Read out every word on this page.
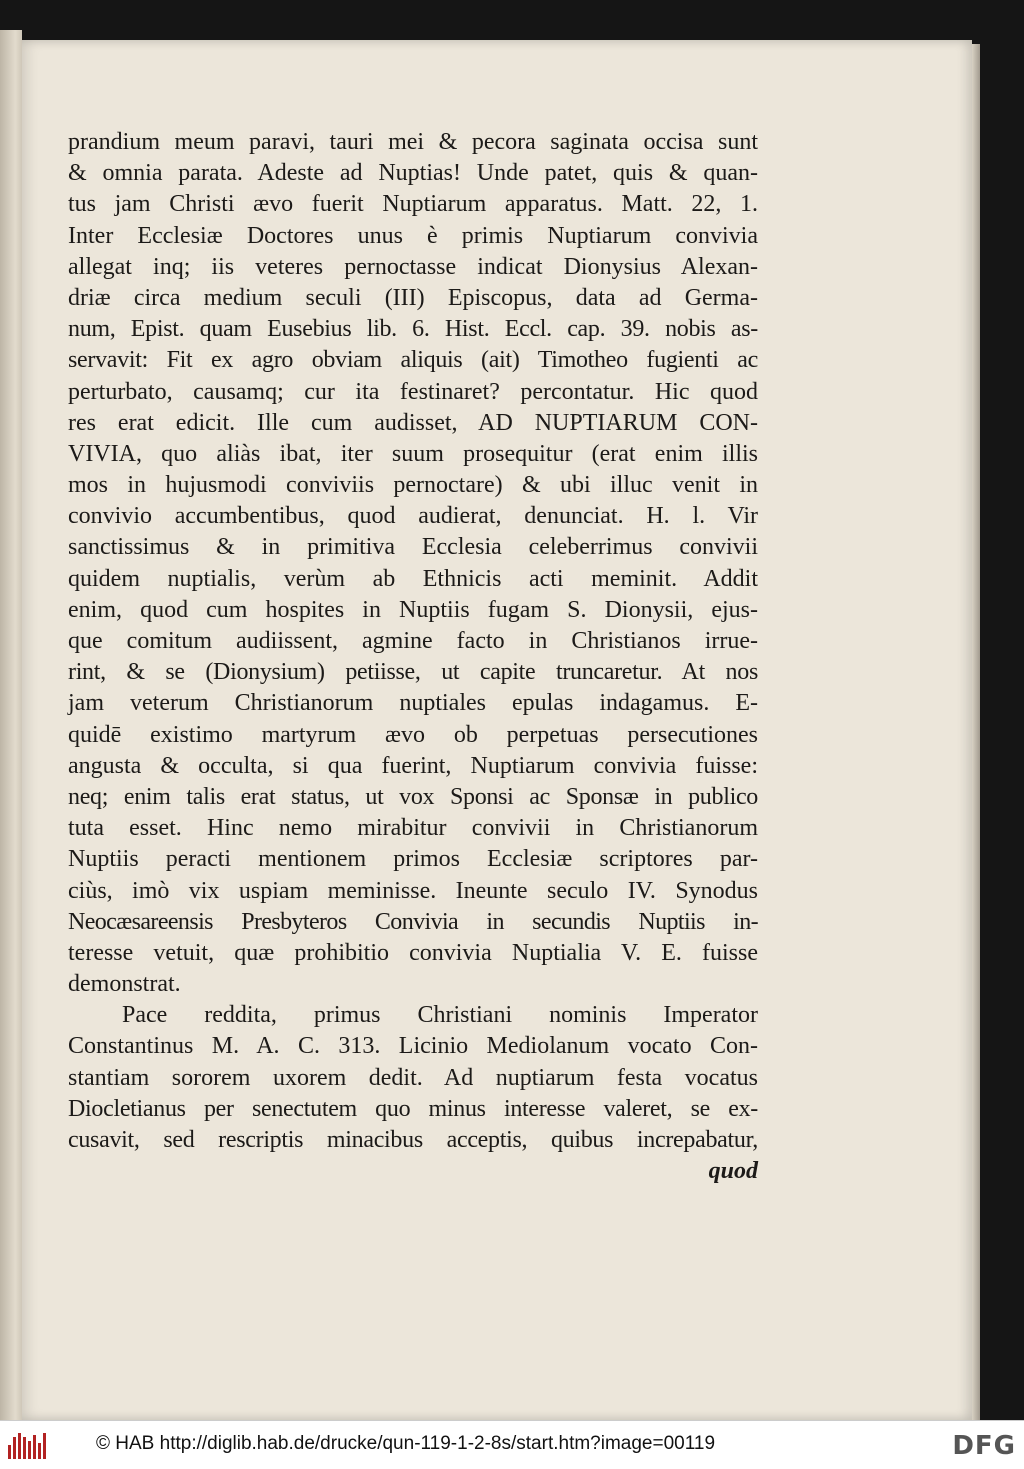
prandium meum paravi, tauri mei & pecora saginata occisa sunt
& omnia parata. Adeste ad Nuptias! Unde patet, quis & quan-
tus jam Christi ævo fuerit Nuptiarum apparatus. Matt. 22, 1.
Inter Ecclesiæ Doctores unus è primis Nuptiarum convivia
allegat inq; iis veteres pernoctasse indicat Dionysius Alexan-
driæ circa medium seculi (III) Episcopus, data ad Germa-
num, Epist. quam Eusebius lib. 6. Hist. Eccl. cap. 39. nobis as-
servavit: Fit ex agro obviam aliquis (ait) Timotheo fugienti ac
perturbato, causamq; cur ita festinaret? percontatur. Hic quod
res erat edicit. Ille cum audisset, AD NUPTIARUM CON-
VIVIA, quo aliàs ibat, iter suum prosequitur (erat enim illis
mos in hujusmodi conviviis pernoctare) & ubi illuc venit in
convivio accumbentibus, quod audierat, denunciat. H. l. Vir
sanctissimus & in primitiva Ecclesia celeberrimus convivii
quidem nuptialis, verùm ab Ethnicis acti meminit. Addit
enim, quod cum hospites in Nuptiis fugam S. Dionysii, ejus-
que comitum audiissent, agmine facto in Christianos irrue-
rint, & se (Dionysium) petiisse, ut capite truncaretur. At nos
jam veterum Christianorum nuptiales epulas indagamus. E-
quidē existimo martyrum ævo ob perpetuas persecutiones
angusta & occulta, si qua fuerint, Nuptiarum convivia fuisse:
neq; enim talis erat status, ut vox Sponsi ac Sponsæ in publico
tuta esset. Hinc nemo mirabitur convivii in Christianorum
Nuptiis peracti mentionem primos Ecclesiæ scriptores par-
ciùs, imò vix uspiam meminisse. Ineunte seculo IV. Synodus
Neocæsareensis Presbyteros Convivia in secundis Nuptiis in-
teresse vetuit, quæ prohibitio convivia Nuptialia V. E. fuisse
demonstrat.
Pace reddita, primus Christiani nominis Imperator
Constantinus M. A. C. 313. Licinio Mediolanum vocato Con-
stantiam sororem uxorem dedit. Ad nuptiarum festa vocatus
Diocletianus per senectutem quo minus interesse valeret, se ex-
cusavit, sed rescriptis minacibus acceptis, quibus increpabatur,
quod
© HAB http://diglib.hab.de/drucke/qun-119-1-2-8s/start.htm?image=00119	DFG
